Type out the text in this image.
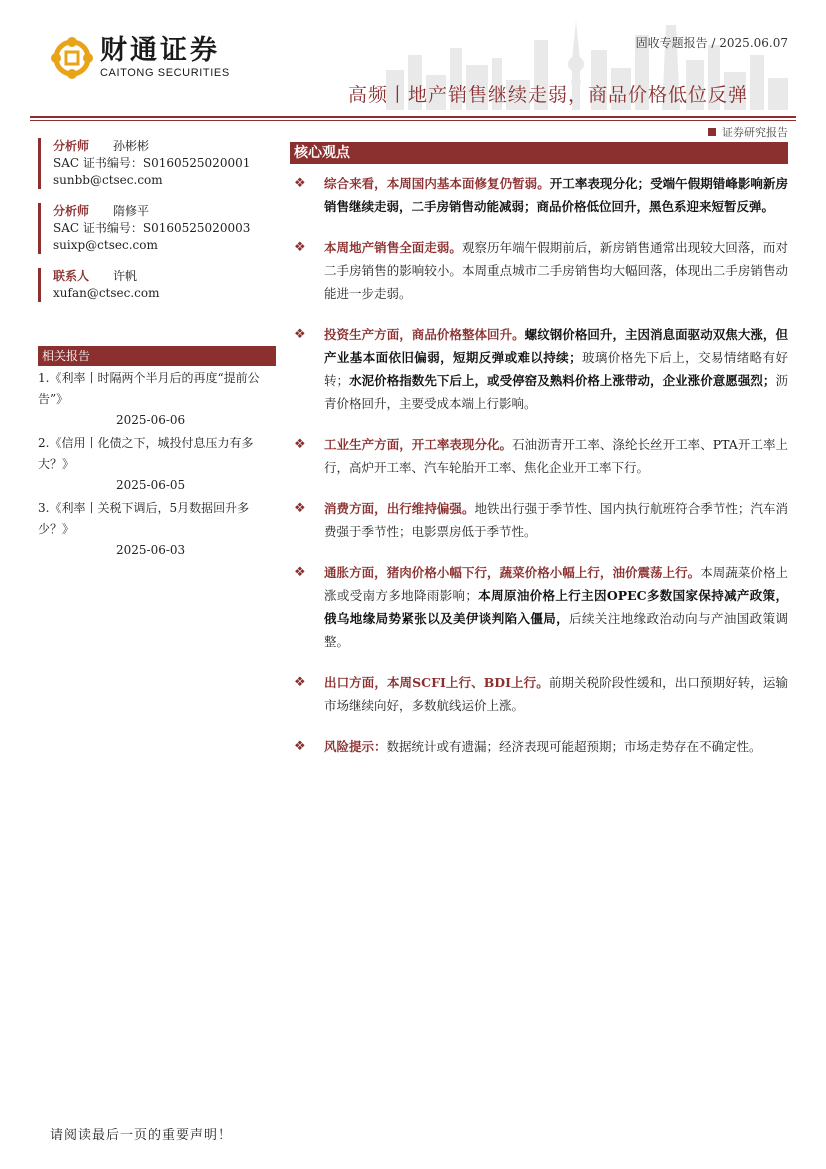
财通证券
CAITONG SECURITIES
固收专题报告 / 2025.06.07
高频丨地产销售继续走弱，商品价格低位反弹
证券研究报告
分析师 孙彬彬
SAC 证书编号：S0160525020001
sunbb@ctsec.com
分析师 隋修平
SAC 证书编号：S0160525020003
suixp@ctsec.com
联系人 许帆
xufan@ctsec.com
相关报告
1.《利率丨时隔两个半月后的再度“提前公告”》
2025-06-06
2.《信用丨化债之下，城投付息压力有多大？》
2025-06-05
3.《利率丨关税下调后，5月数据回升多少？》
2025-06-03
核心观点
❖ 综合来看，本周国内基本面修复仍暂弱。开工率表现分化；受端午假期错峰影响新房销售继续走弱，二手房销售动能减弱；商品价格低位回升，黑色系迎来短暂反弹。
❖ 本周地产销售全面走弱。观察历年端午假期前后，新房销售通常出现较大回落，而对二手房销售的影响较小。本周重点城市二手房销售均大幅回落，体现出二手房销售动能进一步走弱。
❖ 投资生产方面，商品价格整体回升。螺纹钢价格回升，主因消息面驱动双焦大涨，但产业基本面依旧偏弱，短期反弹或难以持续；玻璃价格先下后上，交易情绪略有好转；水泥价格指数先下后上，或受停窑及熟料价格上涨带动，企业涨价意愿强烈；沥青价格回升，主要受成本端上行影响。
❖ 工业生产方面，开工率表现分化。石油沥青开工率、涤纶长丝开工率、PTA开工率上行，高炉开工率、汽车轮胎开工率、焦化企业开工率下行。
❖ 消费方面，出行维持偏强。地铁出行强于季节性、国内执行航班符合季节性；汽车消费强于季节性；电影票房低于季节性。
❖ 通胀方面，猪肉价格小幅下行，蔬菜价格小幅上行，油价震荡上行。本周蔬菜价格上涨或受南方多地降雨影响；本周原油价格上行主因OPEC多数国家保持减产政策，俄乌地缘局势紧张以及美伊谈判陷入僵局，后续关注地缘政治动向与产油国政策调整。
❖ 出口方面，本周SCFI上行、BDI上行。前期关税阶段性缓和，出口预期好转，运输市场继续向好，多数航线运价上涨。
❖ 风险提示：数据统计或有遗漏；经济表现可能超预期；市场走势存在不确定性。
请阅读最后一页的重要声明！
